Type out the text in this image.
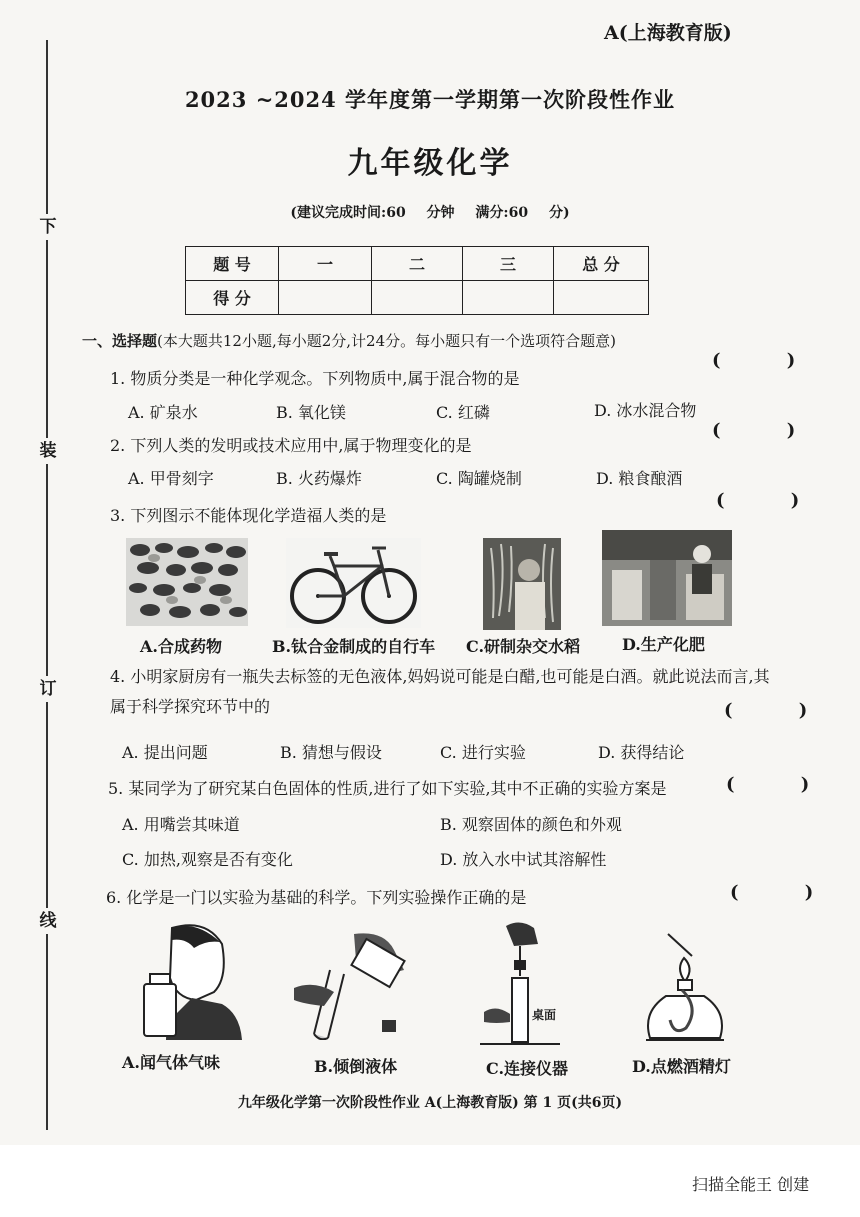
下
装
订
线
A(上海教育版)
2023 ~2024 学年度第一学期第一次阶段性作业
九年级化学
(建议完成时间:60 分钟 满分:60 分)
题 号	一	二	三	总 分
得 分				
一、选择题(本大题共12小题,每小题2分,计24分。每小题只有一个选项符合题意)
( )
1. 物质分类是一种化学观念。下列物质中,属于混合物的是
A. 矿泉水	B. 氧化镁	C. 红磷	D. 冰水混合物
( )
2. 下列人类的发明或技术应用中,属于物理变化的是
A. 甲骨刻字	B. 火药爆炸	C. 陶罐烧制	D. 粮食酿酒
( )
3. 下列图示不能体现化学造福人类的是
A.合成药物	B.钛合金制成的自行车 C.研制杂交水稻	D.生产化肥
4. 小明家厨房有一瓶失去标签的无色液体,妈妈说可能是白醋,也可能是白酒。就此说法而言,其属于科学探究环节中的	( )
A. 提出问题	B. 猜想与假设	C. 进行实验	D. 获得结论
5. 某同学为了研究某白色固体的性质,进行了如下实验,其中不正确的实验方案是	( )
A. 用嘴尝其味道	B. 观察固体的颜色和外观
C. 加热,观察是否有变化	D. 放入水中试其溶解性
6. 化学是一门以实验为基础的科学。下列实验操作正确的是	( )
桌面
A.闻气体气味	B.倾倒液体	C.连接仪器	D.点燃酒精灯
九年级化学第一次阶段性作业 A(上海教育版) 第 1 页(共6页)
扫描全能王 创建
